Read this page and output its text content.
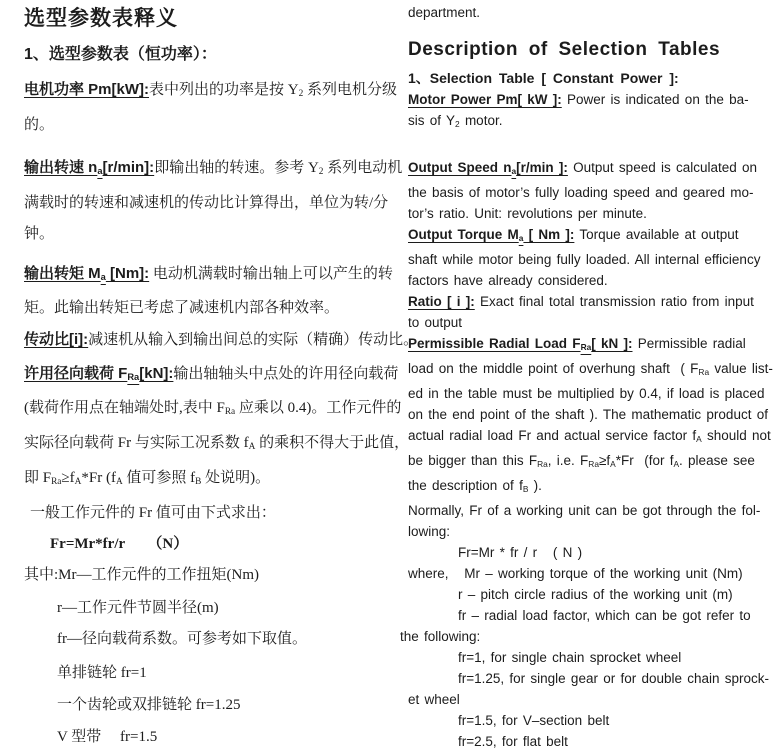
选型参数表释义
1、选型参数表（恒功率）：
电机功率 Pm[kW]:表中列出的功率是按 Y2 系列电机分级
的。
输出转速 na[r/min]:即输出轴的转速。参考 Y2 系列电动机
满载时的转速和减速机的传动比计算得出，单位为转/分
钟。
输出转矩 Ma [Nm]: 电动机满载时输出轴上可以产生的转
矩。此输出转矩已考虑了减速机内部各种效率。
传动比[i]:减速机从输入到输出间总的实际（精确）传动比。
许用径向载荷 FRa[kN]:输出轴轴头中点处的许用径向载荷
(载荷作用点在轴端处时,表中 FRa 应乘以 0.4)。工作元件的
实际径向载荷 Fr 与实际工况系数 fA 的乘积不得大于此值，
即 FRa≥fA*Fr (fA 值可参照 fB 处说明)。
一般工作元件的 Fr 值可由下式求出：
Fr=Mr*fr/r　　（N）
其中:Mr—工作元件的工作扭矩(Nm)
r—工作元件节圆半径(m)
fr—径向载荷系数。可参考如下取值。
单排链轮 fr=1
一个齿轮或双排链轮 fr=1.25
V 型带　 fr=1.5
department.
Description of Selection Tables
1、Selection Table [ Constant Power ]:
Motor Power Pm[ kW ]: Power is indicated on the ba-
sis of Y2 motor.
Output Speed na[r/min ]: Output speed is calculated on
the basis of motor’s fully loading speed and geared mo-
tor’s ratio. Unit: revolutions per minute.
Output Torque Ma [ Nm ]: Torque available at output
shaft while motor being fully loaded. All internal efficiency
factors have already considered.
Ratio [ i ]: Exact final total transmission ratio from input
to output
Permissible Radial Load FRa[ kN ]: Permissible radial
load on the middle point of overhung shaft  ( FRa value list-
ed in the table must be multiplied by 0.4, if load is placed
on the end point of the shaft ). The mathematic product of
actual radial load Fr and actual service factor fA should not
be bigger than this FRa, i.e. FRa≥fA*Fr  (for fA. please see
the description of fB ).
Normally, Fr of a working unit can be got through the fol-
lowing:
Fr=Mr * fr / r   ( N )
where,   Mr – working torque of the working unit (Nm)
r – pitch circle radius of the working unit (m)
fr – radial load factor, which can be got refer to
the following:
fr=1, for single chain sprocket wheel
fr=1.25, for single gear or for double chain sprock-
et wheel
fr=1.5, for V–section belt
fr=2.5, for flat belt
